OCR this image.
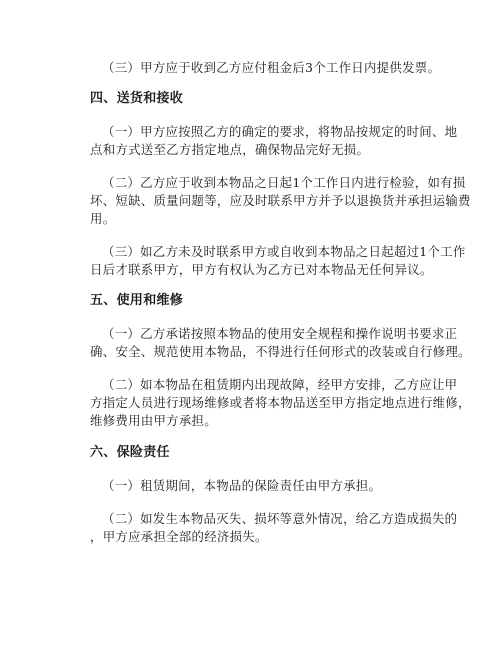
（三）甲方应于收到乙方应付租金后3个工作日内提供发票。
四、送货和接收
（一）甲方应按照乙方的确定的要求，将物品按规定的时间、地
点和方式送至乙方指定地点，确保物品完好无损。
（二）乙方应于收到本物品之日起1个工作日内进行检验，如有损
坏、短缺、质量问题等，应及时联系甲方并予以退换货并承担运输费
用。
（三）如乙方未及时联系甲方或自收到本物品之日起超过1个工作
日后才联系甲方，甲方有权认为乙方已对本物品无任何异议。
五、使用和维修
（一）乙方承诺按照本物品的使用安全规程和操作说明书要求正
确、安全、规范使用本物品，不得进行任何形式的改装或自行修理。
（二）如本物品在租赁期内出现故障，经甲方安排，乙方应让甲
方指定人员进行现场维修或者将本物品送至甲方指定地点进行维修，
维修费用由甲方承担。
六、保险责任
（一）租赁期间，本物品的保险责任由甲方承担。
（二）如发生本物品灭失、损坏等意外情况，给乙方造成损失的
，甲方应承担全部的经济损失。
